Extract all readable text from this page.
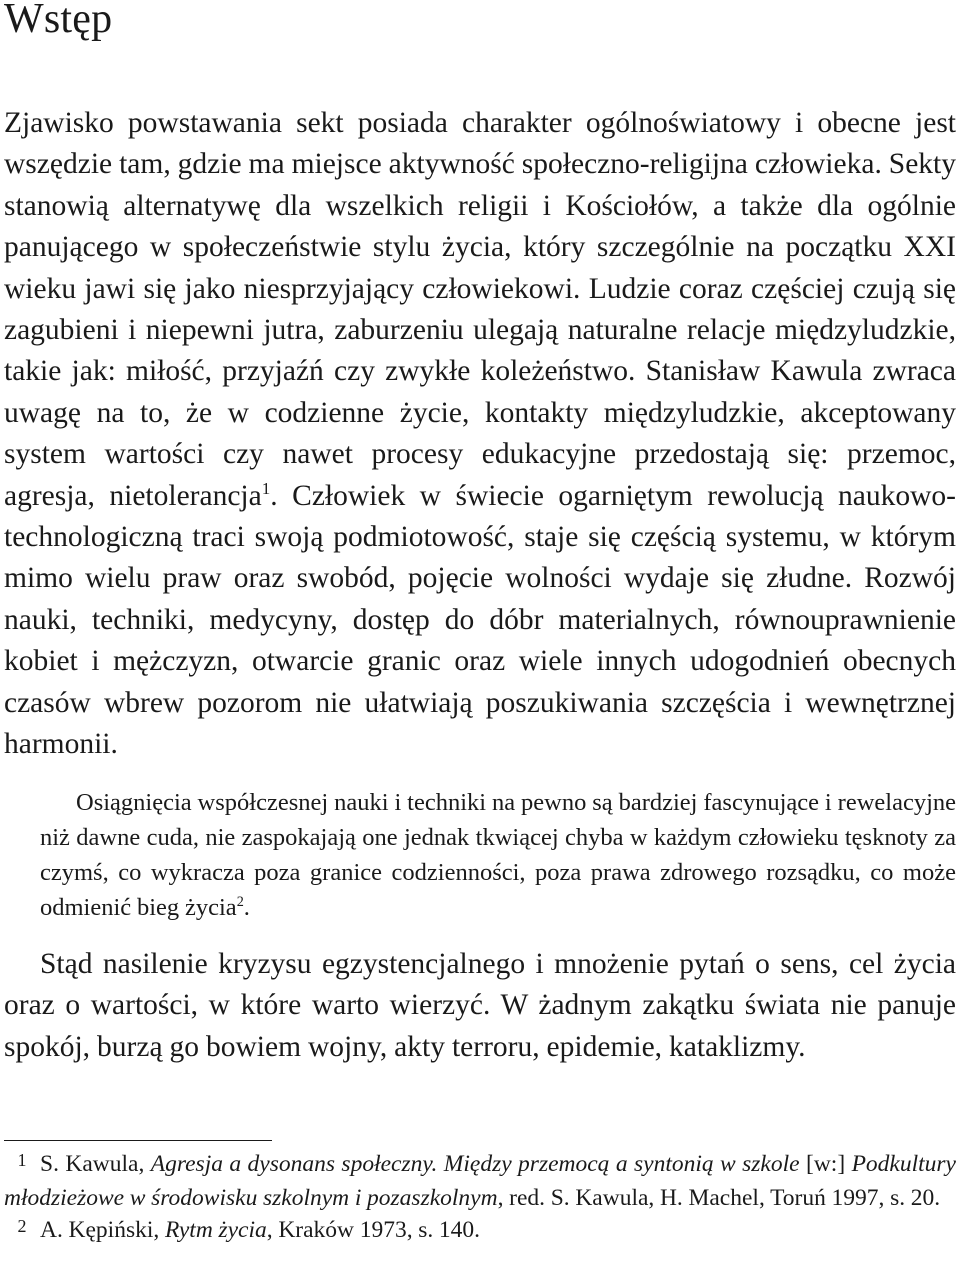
Wstęp

Zjawisko powstawania sekt posiada charakter ogólnoświatowy i obecne jest wszędzie tam, gdzie ma miejsce aktywność społeczno-religijna człowieka. Sekty stanowią alternatywę dla wszelkich religii i Kościołów, a także dla ogólnie panującego w społeczeństwie stylu życia, który szczególnie na początku XXI wieku jawi się jako niesprzyjający człowiekowi. Ludzie coraz częściej czują się zagubieni i niepewni jutra, zaburzeniu ulegają naturalne relacje międzyludzkie, takie jak: miłość, przyjaźń czy zwykłe koleżeństwo. Stanisław Kawula zwraca uwagę na to, że w codzienne życie, kontakty międzyludzkie, akceptowany system wartości czy nawet procesy edukacyjne przedostają się: przemoc, agresja, nietolerancja$^1$. Człowiek w świecie ogarniętym rewolucją naukowo-technologiczną traci swoją podmiotowość, staje się częścią systemu, w którym mimo wielu praw oraz swobód, pojęcie wolności wydaje się złudne. Rozwój nauki, techniki, medycyny, dostęp do dóbr materialnych, równouprawnienie kobiet i mężczyzn, otwarcie granic oraz wiele innych udogodnień obecnych czasów wbrew pozorom nie ułatwiają poszukiwania szczęścia i wewnętrznej harmonii.

Osiągnięcia współczesnej nauki i techniki na pewno są bardziej fascynujące i rewelacyjne niż dawne cuda, nie zaspokajają one jednak tkwiącej chyba w każdym człowieku tęsknoty za czymś, co wykracza poza granice codzienności, poza prawa zdrowego rozsądku, co może odmienić bieg życia$^2$.

Stąd nasilenie kryzysu egzystencjalnego i mnożenie pytań o sens, cel życia oraz o wartości, w które warto wierzyć. W żadnym zakątku świata nie panuje spokój, burzą go bowiem wojny, akty terroru, epidemie, kataklizmy.

$^1$ S. Kawula, Agresja a dysonans społeczny. Między przemocą a syntonią w szkole [w:] Podkultury młodzieżowe w środowisku szkolnym i pozaszkolnym, red. S. Kawula, H. Machel, Toruń 1997, s. 20.

$^2$ A. Kępiński, Rytm życia, Kraków 1973, s. 140.
